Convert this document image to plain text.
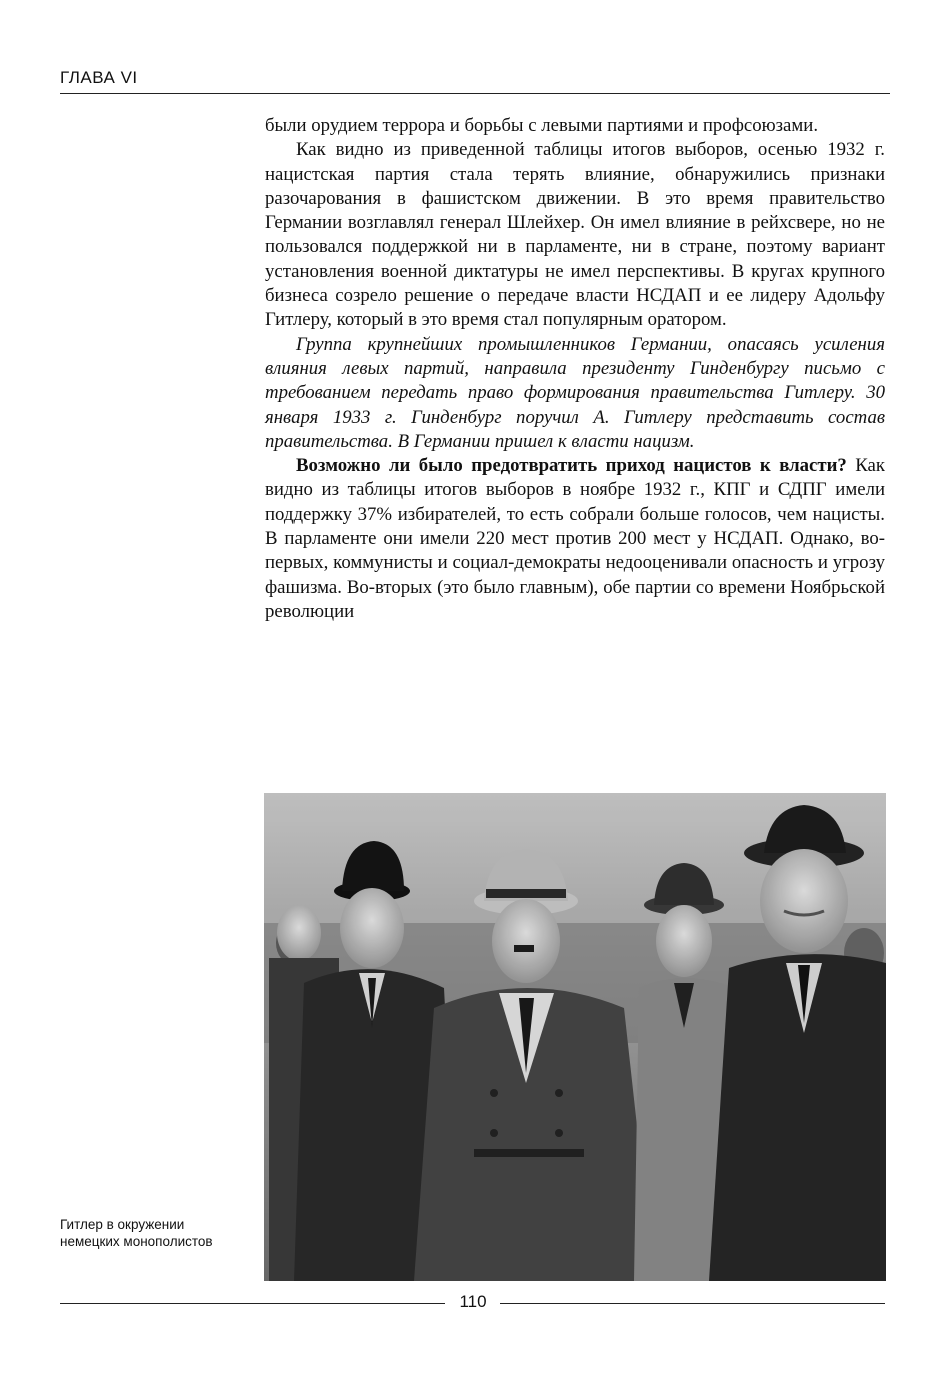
ГЛАВА VI

были орудием террора и борьбы с левыми партиями и профсоюзами.

Как видно из приведенной таблицы итогов выборов, осенью 1932 г. нацистская партия стала терять влияние, обнаружились признаки разочарования в фашистском движении. В это время правительство Германии возглавлял генерал Шлейхер. Он имел влияние в рейхсвере, но не пользовался поддержкой ни в парламенте, ни в стране, поэтому вариант установления военной диктатуры не имел перспективы. В кругах крупного бизнеса созрело решение о передаче власти НСДАП и ее лидеру Адольфу Гитлеру, который в это время стал популярным оратором.

Группа крупнейших промышленников Германии, опасаясь усиления влияния левых партий, направила президенту Гинденбургу письмо с требованием передать право формирования правительства Гитлеру. 30 января 1933 г. Гинденбург поручил А. Гитлеру представить состав правительства. В Германии пришел к власти нацизм.

Возможно ли было предотвратить приход нацистов к власти? Как видно из таблицы итогов выборов в ноябре 1932 г., КПГ и СДПГ имели поддержку 37% избирателей, то есть собрали больше голосов, чем нацисты. В парламенте они имели 220 мест против 200 мест у НСДАП. Однако, во-первых, коммунисты и социал-демократы недооценивали опасность и угрозу фашизма. Во-вторых (это было главным), обе партии со времени Ноябрьской революции

Гитлер в окружении немецких монополистов
110
